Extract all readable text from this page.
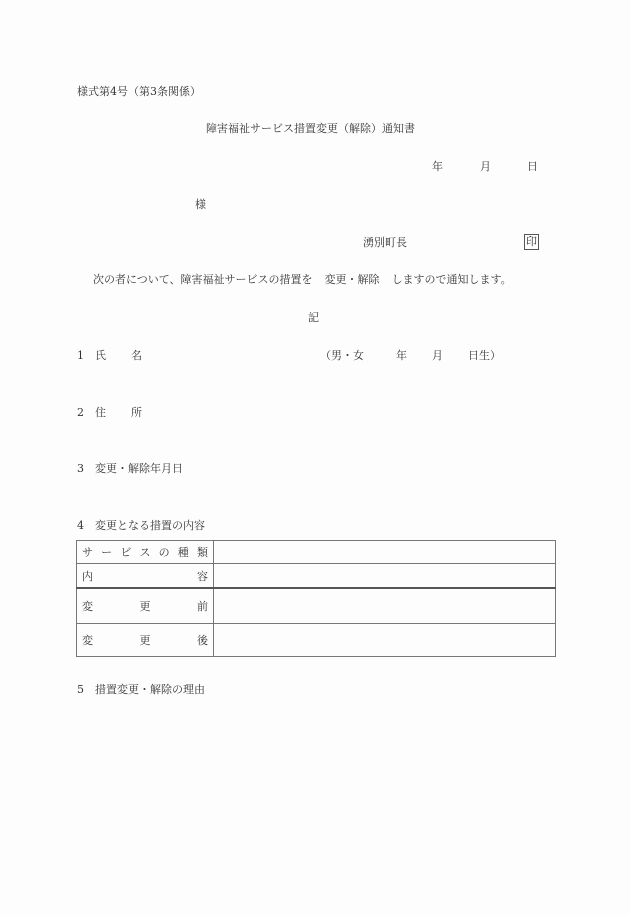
様式第4号（第3条関係）
障害福祉サービス措置変更（解除）通知書
年	月	日
様
湧別町長	印
次の者について、障害福祉サービスの措置を 変更・解除 しますので通知します。
記
1 氏 名	（男・女	年 月 日生）
2 住 所
3 変更・解除年月日
4 変更となる措置の内容
サ ー ビ ス の 種 類

内 容	

変 更 前	

変 更 後	

5 措置変更・解除の理由
